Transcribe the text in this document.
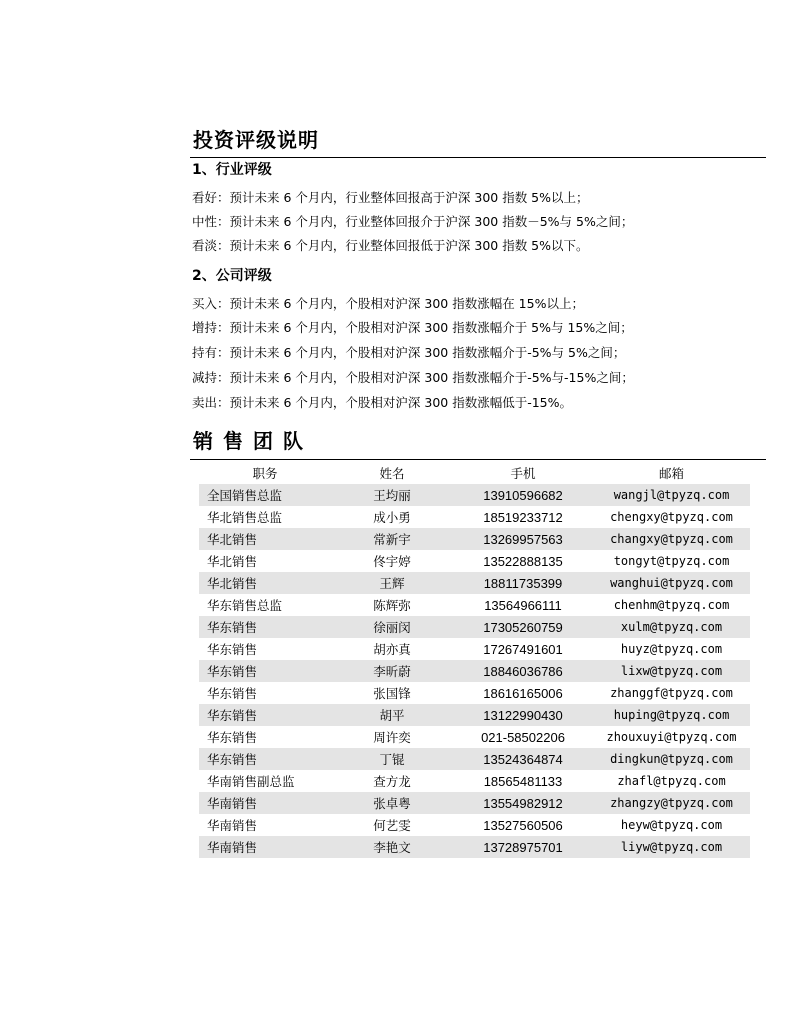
投资评级说明
1、行业评级
看好：预计未来 6 个月内，行业整体回报高于沪深 300 指数 5%以上；
中性：预计未来 6 个月内，行业整体回报介于沪深 300 指数－5%与 5%之间；
看淡：预计未来 6 个月内，行业整体回报低于沪深 300 指数 5%以下。
2、公司评级
买入：预计未来 6 个月内，个股相对沪深 300 指数涨幅在 15%以上；
增持：预计未来 6 个月内，个股相对沪深 300 指数涨幅介于 5%与 15%之间；
持有：预计未来 6 个月内，个股相对沪深 300 指数涨幅介于-5%与 5%之间；
减持：预计未来 6 个月内，个股相对沪深 300 指数涨幅介于-5%与-15%之间；
卖出：预计未来 6 个月内，个股相对沪深 300 指数涨幅低于-15%。
销售团队
职务	姓名	手机	邮箱
全国销售总监	王均丽	13910596682	wangjl@tpyzq.com
华北销售总监	成小勇	18519233712	chengxy@tpyzq.com
华北销售	常新宇	13269957563	changxy@tpyzq.com
华北销售	佟宇婷	13522888135	tongyt@tpyzq.com
华北销售	王辉	18811735399	wanghui@tpyzq.com
华东销售总监	陈辉弥	13564966111	chenhm@tpyzq.com
华东销售	徐丽闵	17305260759	xulm@tpyzq.com
华东销售	胡亦真	17267491601	huyz@tpyzq.com
华东销售	李昕蔚	18846036786	lixw@tpyzq.com
华东销售	张国锋	18616165006	zhanggf@tpyzq.com
华东销售	胡平	13122990430	huping@tpyzq.com
华东销售	周许奕	021-58502206	zhouxuyi@tpyzq.com
华东销售	丁锟	13524364874	dingkun@tpyzq.com
华南销售副总监	查方龙	18565481133	zhafl@tpyzq.com
华南销售	张卓粤	13554982912	zhangzy@tpyzq.com
华南销售	何艺雯	13527560506	heyw@tpyzq.com
华南销售	李艳文	13728975701	liyw@tpyzq.com
